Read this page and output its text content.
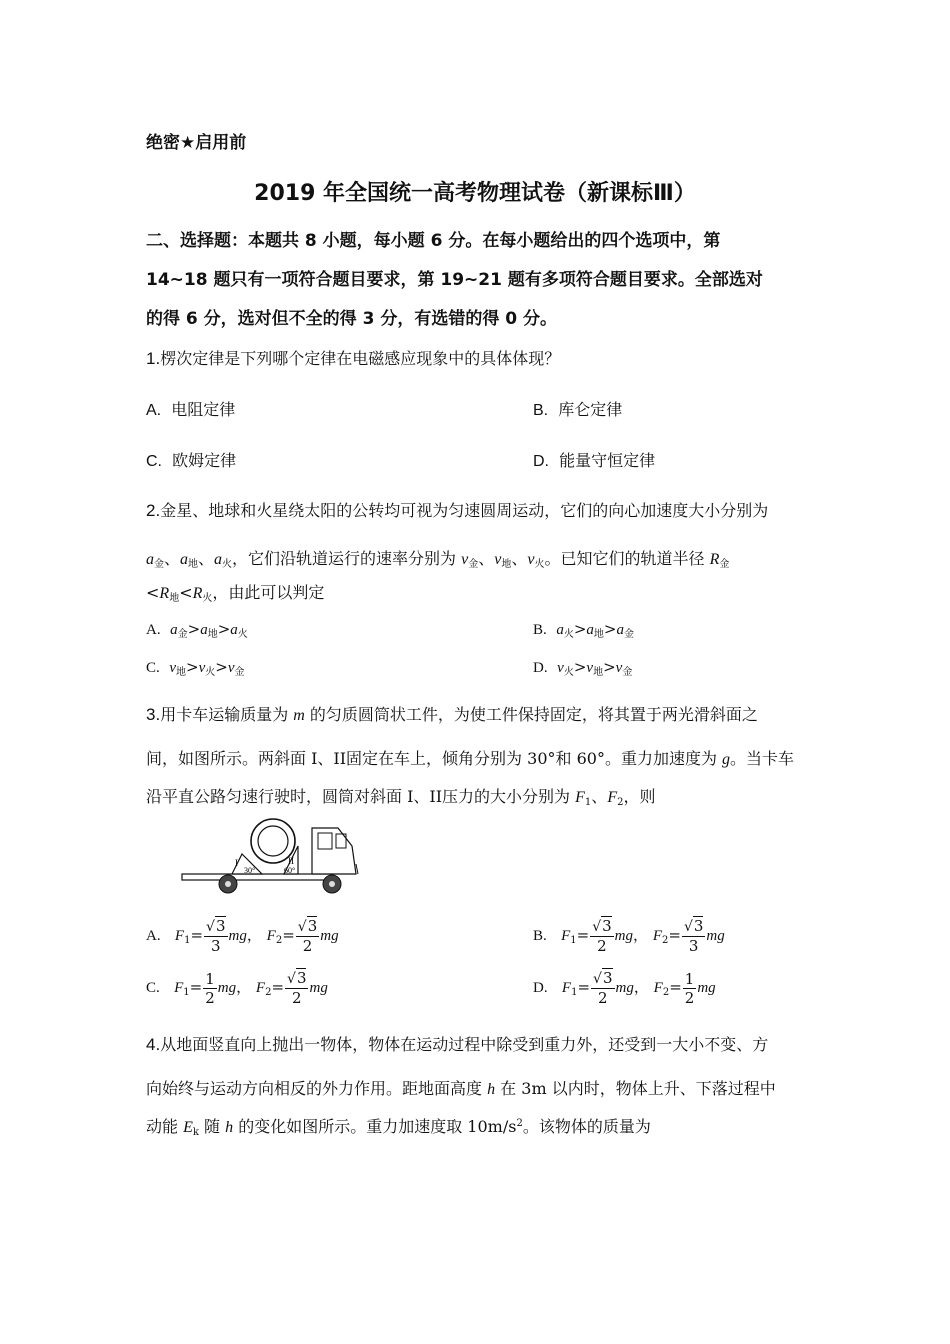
绝密★启用前
2019 年全国统一高考物理试卷（新课标Ⅲ）
二、选择题：本题共 8 小题，每小题 6 分。在每小题给出的四个选项中，第
14~18 题只有一项符合题目要求，第 19~21 题有多项符合题目要求。全部选对
的得 6 分，选对但不全的得 3 分，有选错的得 0 分。
1.楞次定律是下列哪个定律在电磁感应现象中的具体体现？
A. 电阻定律	B. 库仑定律
C. 欧姆定律	D. 能量守恒定律
2.金星、地球和火星绕太阳的公转均可视为匀速圆周运动，它们的向心加速度大小分别为
a金、a地、a火，它们沿轨道运行的速率分别为 v金、v地、v火。已知它们的轨道半径 R金
<R地<R火，由此可以判定
A. $a_金>a_地>a_火$	B. $a_火>a_地>a_金$
C. $v_地>v_火>v_金$	D. $v_火>v_地>v_金$
3.用卡车运输质量为 m 的匀质圆筒状工件，为使工件保持固定，将其置于两光滑斜面之
间，如图所示。两斜面 I、II固定在车上，倾角分别为 30°和 60°。重力加速度为 g。当卡车
沿平直公路匀速行驶时，圆筒对斜面 I、II压力的大小分别为 F1、F2，则
I	II
30°	60°
A. $F_1= \frac{√3}{3}$ mg， $F_2= \frac{√3}{2}$ mg	B. $F_1= \frac{√3}{2}$ mg， $F_2= \frac{√3}{3}$ mg
C. $F_1= \frac{1}{2}$ mg， $F_2= \frac{√3}{2}$ mg	D. $F_1= \frac{√3}{2}$ mg， $F_2= \frac{1}{2}$ mg
4.从地面竖直向上抛出一物体，物体在运动过程中除受到重力外，还受到一大小不变、方
向始终与运动方向相反的外力作用。距地面高度 h 在 3m 以内时，物体上升、下落过程中
动能 Ek 随 h 的变化如图所示。重力加速度取 $10m/s^2$。该物体的质量为
